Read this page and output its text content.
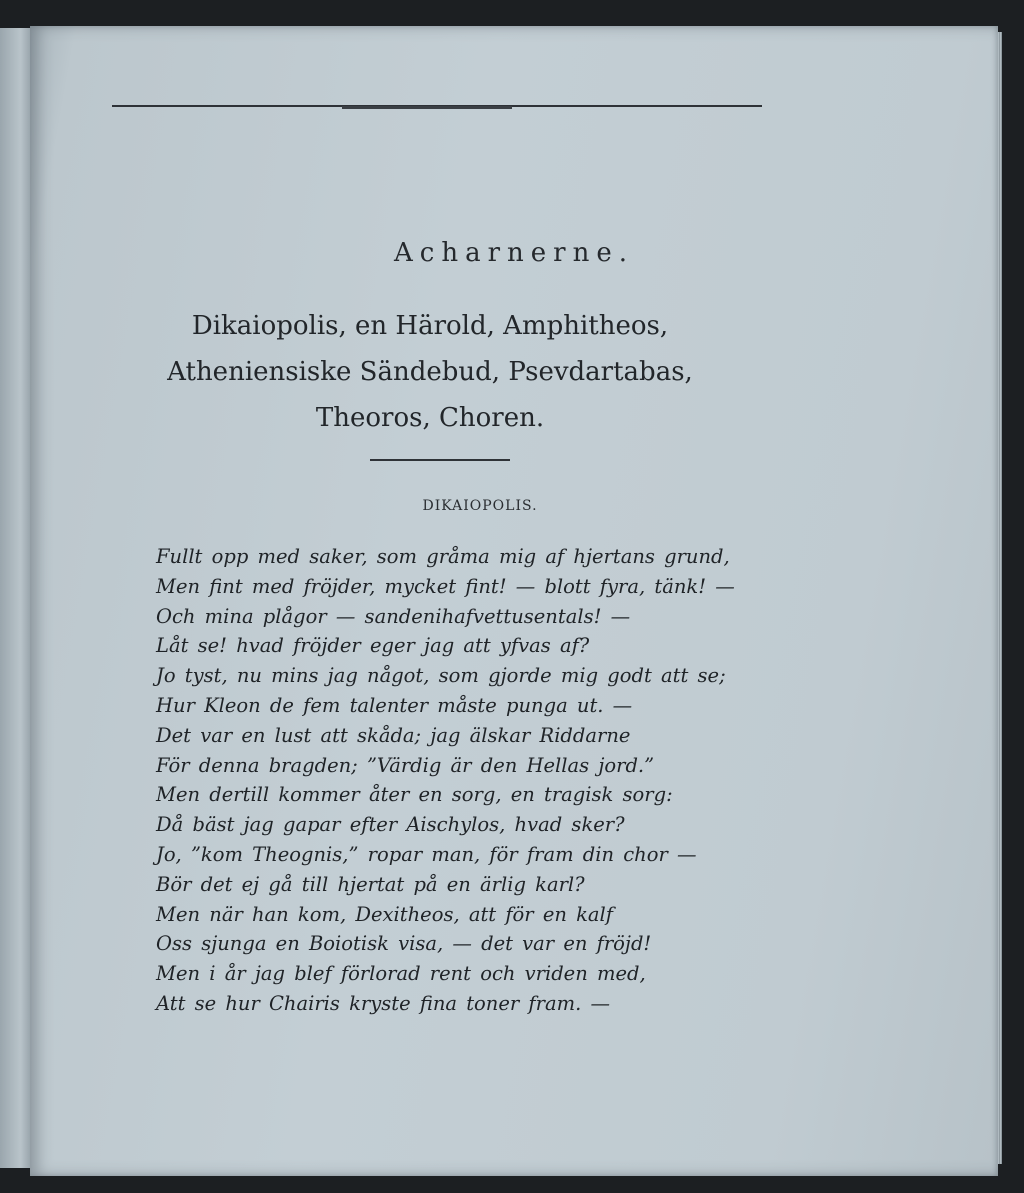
Acharnerne.
Dikaiopolis, en Härold, Amphitheos,
Atheniensiske Sändebud, Psevdartabas,
Theoros, Choren.
DIKAIOPOLIS.
Fullt opp med saker, som gråma mig af hjertans grund,
Men fint med fröjder, mycket fint! — blott fyra, tänk! —
Och mina plågor — sandenihafvettusentals! —
Låt se! hvad fröjder eger jag att yfvas af?
Jo tyst, nu mins jag något, som gjorde mig godt att se;
Hur Kleon de fem talenter måste punga ut. —
Det var en lust att skåda; jag älskar Riddarne
För denna bragden; ”Värdig är den Hellas jord.”
Men dertill kommer åter en sorg, en tragisk sorg:
Då bäst jag gapar efter Aischylos, hvad sker?
Jo, ”kom Theognis,” ropar man, för fram din chor —
Bör det ej gå till hjertat på en ärlig karl?
Men när han kom, Dexitheos, att för en kalf
Oss sjunga en Boiotisk visa, — det var en fröjd!
Men i år jag blef förlorad rent och vriden med,
Att se hur Chairis kryste fina toner fram. —
